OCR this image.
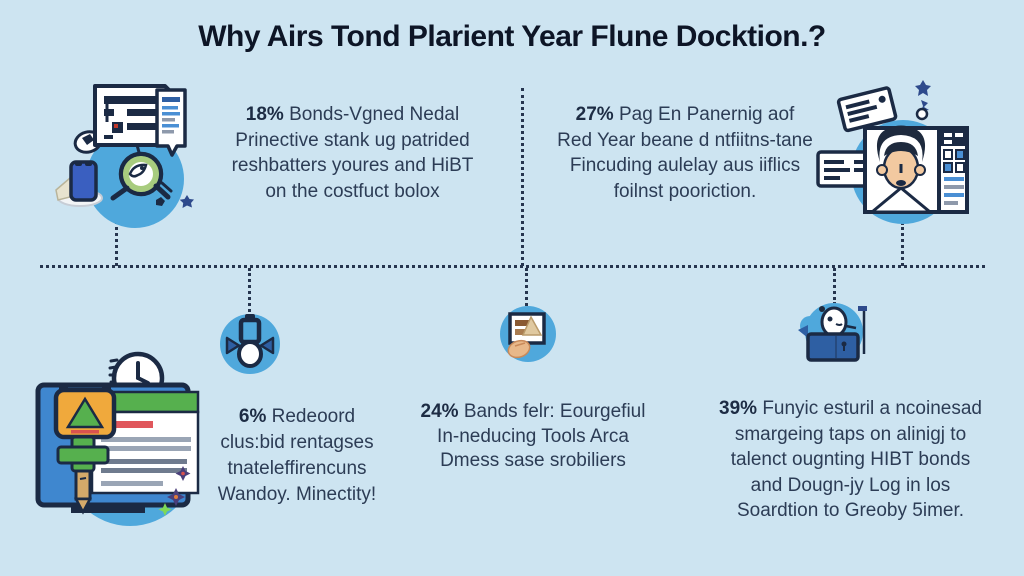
Why Airs Tond Plarient Year Flune Docktion.?
18% Bonds-Vgned Nedal
Prinective stank ug patrided
reshbatters youres and HiBT
on the costfuct bolox
27% Pag En Panernig aof
Red Year beane d ntfiitns-tane
Fincuding aulelay aus iiflics
foilnst pooriction.
6% Redeoord
clus:bid rentagses
tnateleffirencuns
Wandoy. Minectity!
24% Bands felr: Eourgefiul
In-neducing Tools Arca
Dmess sase srobiliers
39% Funyic esturil a ncoinesad
smargeing taps on alinigj to
talenct ougnting HIBT bonds
and Dougn-jy Log in los
Soardtion to Greoby 5imer.
